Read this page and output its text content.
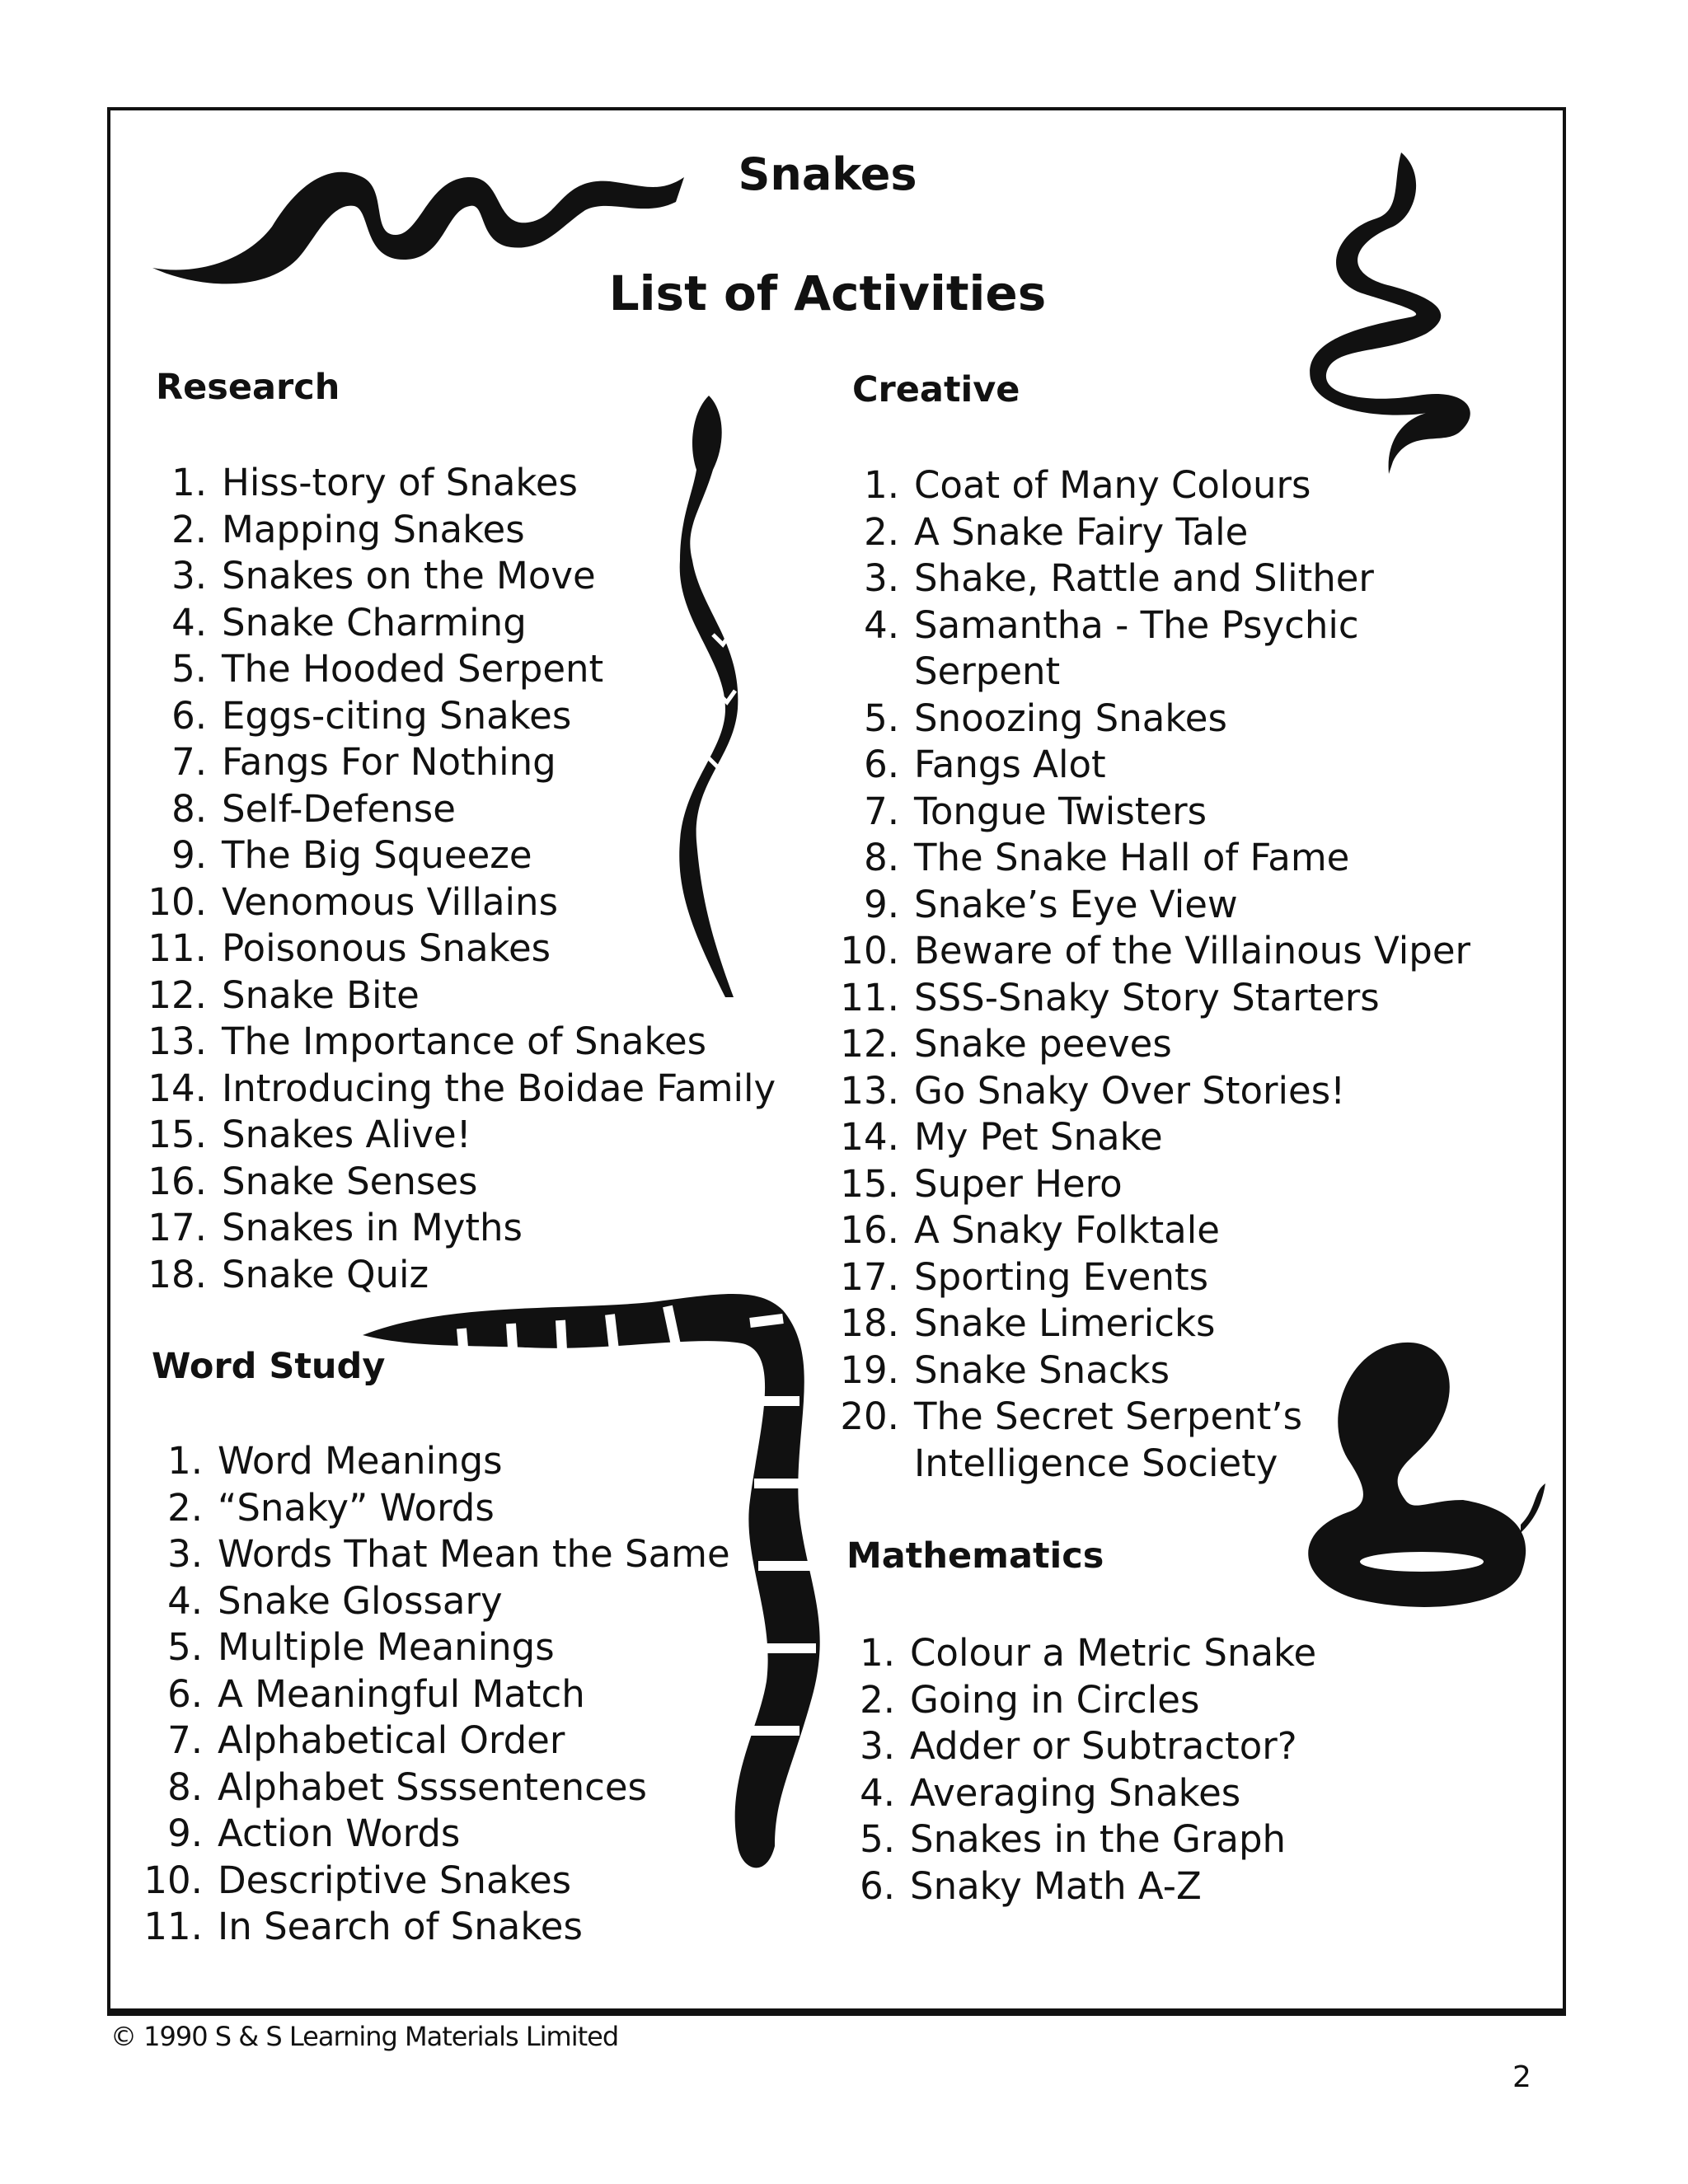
Snakes
List of Activities
Research
1. Hiss-tory of Snakes
2. Mapping Snakes
3. Snakes on the Move
4. Snake Charming
5. The Hooded Serpent
6. Eggs-citing Snakes
7. Fangs For Nothing
8. Self-Defense
9. The Big Squeeze
10. Venomous Villains
11. Poisonous Snakes
12. Snake Bite
13. The Importance of Snakes
14. Introducing the Boidae Family
15. Snakes Alive!
16. Snake Senses
17. Snakes in Myths
18. Snake Quiz
Word Study
1. Word Meanings
2. “Snaky” Words
3. Words That Mean the Same
4. Snake Glossary
5. Multiple Meanings
6. A Meaningful Match
7. Alphabetical Order
8. Alphabet Ssssentences
9. Action Words
10. Descriptive Snakes
11. In Search of Snakes
Creative
1. Coat of Many Colours
2. A Snake Fairy Tale
3. Shake, Rattle and Slither
4. Samantha - The Psychic
Serpent
5. Snoozing Snakes
6. Fangs Alot
7. Tongue Twisters
8. The Snake Hall of Fame
9. Snake’s Eye View
10. Beware of the Villainous Viper
11. SSS-Snaky Story Starters
12. Snake peeves
13. Go Snaky Over Stories!
14. My Pet Snake
15. Super Hero
16. A Snaky Folktale
17. Sporting Events
18. Snake Limericks
19. Snake Snacks
20. The Secret Serpent’s
Intelligence Society
Mathematics
1. Colour a Metric Snake
2. Going in Circles
3. Adder or Subtractor?
4. Averaging Snakes
5. Snakes in the Graph
6. Snaky Math A-Z
© 1990 S & S Learning Materials Limited
2
